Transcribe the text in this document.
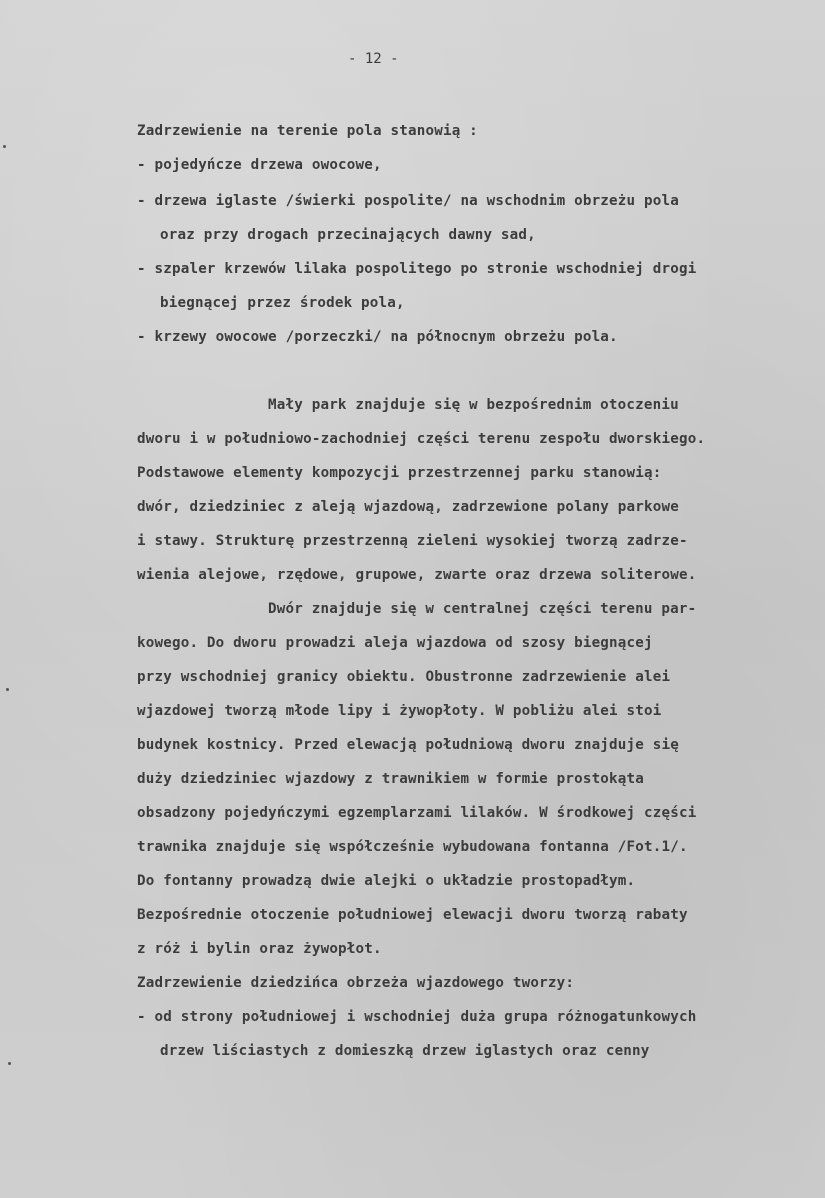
- 12 -

Zadrzewienie na terenie pola stanowią :

- pojedyńcze drzewa owocowe,

- drzewa iglaste /świerki pospolite/ na wschodnim obrzeżu pola

oraz przy drogach przecinających dawny sad,

- szpaler krzewów lilaka pospolitego po stronie wschodniej drogi

biegnącej przez środek pola,

- krzewy owocowe /porzeczki/ na północnym obrzeżu pola.

Mały park znajduje się w bezpośrednim otoczeniu

dworu i w południowo-zachodniej części terenu zespołu dworskiego.

Podstawowe elementy kompozycji przestrzennej parku stanowią:

dwór, dziedziniec z aleją wjazdową, zadrzewione polany parkowe

i stawy. Strukturę przestrzenną zieleni wysokiej tworzą zadrze-

wienia alejowe, rzędowe, grupowe, zwarte oraz drzewa soliterowe.

Dwór znajduje się w centralnej części terenu par-

kowego. Do dworu prowadzi aleja wjazdowa od szosy biegnącej

przy wschodniej granicy obiektu. Obustronne zadrzewienie alei

wjazdowej tworzą młode lipy i żywopłoty. W pobliżu alei stoi

budynek kostnicy. Przed elewacją południową dworu znajduje się

duży dziedziniec wjazdowy z trawnikiem w formie prostokąta

obsadzony pojedyńczymi egzemplarzami lilaków. W środkowej części

trawnika znajduje się współcześnie wybudowana fontanna /Fot.1/.

Do fontanny prowadzą dwie alejki o układzie prostopadłym.

Bezpośrednie otoczenie południowej elewacji dworu tworzą rabaty

z róż i bylin oraz żywopłot.

Zadrzewienie dziedzińca obrzeża wjazdowego tworzy:

- od strony południowej i wschodniej duża grupa różnogatunkowych

drzew liściastych z domieszką drzew iglastych oraz cenny
